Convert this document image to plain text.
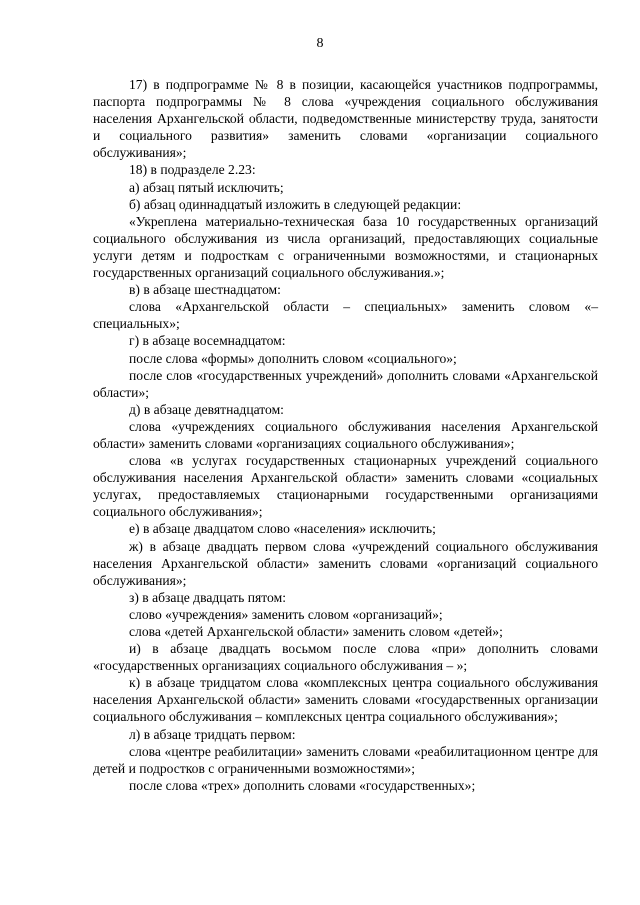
8

17) в подпрограмме № 8 в позиции, касающейся участников подпрограммы, паспорта подпрограммы № 8 слова «учреждения социального обслуживания населения Архангельской области, подведомственные министерству труда, занятости и социального развития» заменить словами «организации социального обслуживания»;

18) в подразделе 2.23:

а) абзац пятый исключить;

б) абзац одиннадцатый изложить в следующей редакции:

«Укреплена материально-техническая база 10 государственных организаций социального обслуживания из числа организаций, предоставляющих социальные услуги детям и подросткам с ограниченными возможностями, и стационарных государственных организаций социального обслуживания.»;

в) в абзаце шестнадцатом:

слова «Архангельской области – специальных» заменить словом «– специальных»;

г) в абзаце восемнадцатом:

после слова «формы» дополнить словом «социального»;

после слов «государственных учреждений» дополнить словами «Архангельской области»;

д) в абзаце девятнадцатом:

слова «учреждениях социального обслуживания населения Архангельской области» заменить словами «организациях социального обслуживания»;

слова «в услугах государственных стационарных учреждений социального обслуживания населения Архангельской области» заменить словами «социальных услугах, предоставляемых стационарными государственными организациями социального обслуживания»;

е) в абзаце двадцатом слово «населения» исключить;

ж) в абзаце двадцать первом слова «учреждений социального обслуживания населения Архангельской области» заменить словами «организаций социального обслуживания»;

з) в абзаце двадцать пятом:

слово «учреждения» заменить словом «организаций»;

слова «детей Архангельской области» заменить словом «детей»;

и) в абзаце двадцать восьмом после слова «при» дополнить словами «государственных организациях социального обслуживания – »;

к) в абзаце тридцатом слова «комплексных центра социального обслуживания населения Архангельской области» заменить словами «государственных организации социального обслуживания – комплексных центра социального обслуживания»;

л) в абзаце тридцать первом:

слова «центре реабилитации» заменить словами «реабилитационном центре для детей и подростков с ограниченными возможностями»;

после слова «трех» дополнить словами «государственных»;
